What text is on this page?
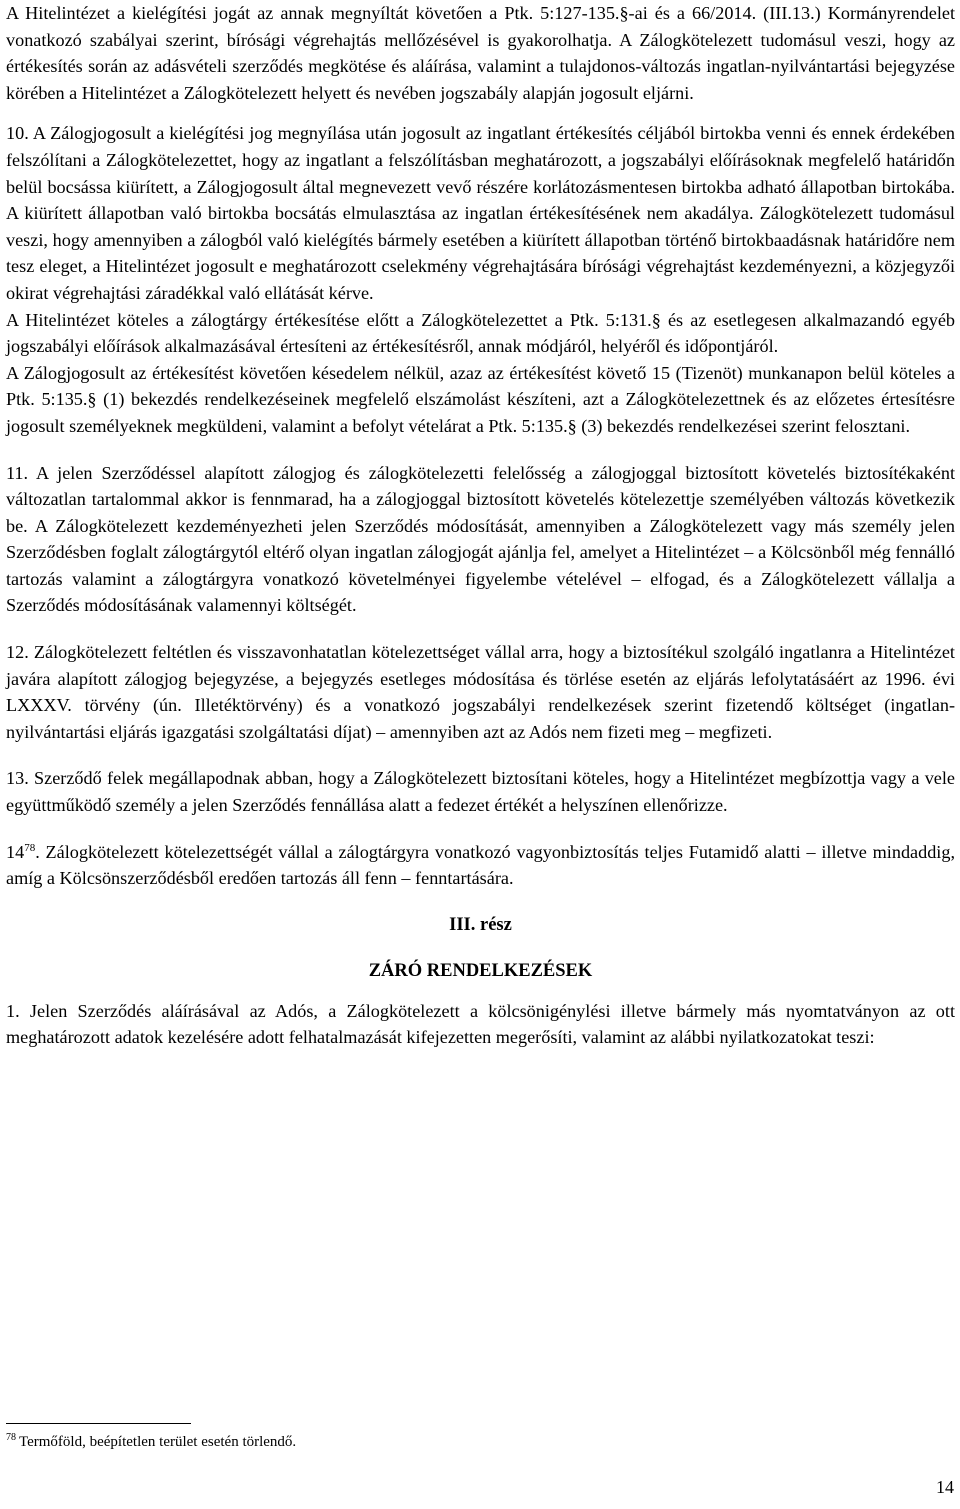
A Hitelintézet a kielégítési jogát az annak megnyíltát követően a Ptk. 5:127-135.§-ai és a 66/2014. (III.13.) Kormányrendelet vonatkozó szabályai szerint, bírósági végrehajtás mellőzésével is gyakorolhatja. A Zálogkötelezett tudomásul veszi, hogy az értékesítés során az adásvételi szerződés megkötése és aláírása, valamint a tulajdonos-változás ingatlan-nyilvántartási bejegyzése körében a Hitelintézet a Zálogkötelezett helyett és nevében jogszabály alapján jogosult eljárni.

10. A Zálogjogosult a kielégítési jog megnyílása után jogosult az ingatlant értékesítés céljából birtokba venni és ennek érdekében felszólítani a Zálogkötelezettet, hogy az ingatlant a felszólításban meghatározott, a jogszabályi előírásoknak megfelelő határidőn belül bocsássa kiürített, a Zálogjogosult által megnevezett vevő részére korlátozásmentesen birtokba adható állapotban birtokába. A kiürített állapotban való birtokba bocsátás elmulasztása az ingatlan értékesítésének nem akadálya. Zálogkötelezett tudomásul veszi, hogy amennyiben a zálogból való kielégítés bármely esetében a kiürített állapotban történő birtokbaadásnak határidőre nem tesz eleget, a Hitelintézet jogosult e meghatározott cselekmény végrehajtására bírósági végrehajtást kezdeményezni, a közjegyzői okirat végrehajtási záradékkal való ellátását kérve.

A Hitelintézet köteles a zálogtárgy értékesítése előtt a Zálogkötelezettet a Ptk. 5:131.§ és az esetlegesen alkalmazandó egyéb jogszabályi előírások alkalmazásával értesíteni az értékesítésről, annak módjáról, helyéről és időpontjáról.

A Zálogjogosult az értékesítést követően késedelem nélkül, azaz az értékesítést követő 15 (Tizenöt) munkanapon belül köteles a Ptk. 5:135.§ (1) bekezdés rendelkezéseinek megfelelő elszámolást készíteni, azt a Zálogkötelezettnek és az előzetes értesítésre jogosult személyeknek megküldeni, valamint a befolyt vételárat a Ptk. 5:135.§ (3) bekezdés rendelkezései szerint felosztani.

11. A jelen Szerződéssel alapított zálogjog és zálogkötelezetti felelősség a zálogjoggal biztosított követelés biztosítékaként változatlan tartalommal akkor is fennmarad, ha a zálogjoggal biztosított követelés kötelezettje személyében változás következik be. A Zálogkötelezett kezdeményezheti jelen Szerződés módosítását, amennyiben a Zálogkötelezett vagy más személy jelen Szerződésben foglalt zálogtárgytól eltérő olyan ingatlan zálogjogát ajánlja fel, amelyet a Hitelintézet – a Kölcsönből még fennálló tartozás valamint a zálogtárgyra vonatkozó követelményei figyelembe vételével – elfogad, és a Zálogkötelezett vállalja a Szerződés módosításának valamennyi költségét.

12. Zálogkötelezett feltétlen és visszavonhatatlan kötelezettséget vállal arra, hogy a biztosítékul szolgáló ingatlanra a Hitelintézet javára alapított zálogjog bejegyzése, a bejegyzés esetleges módosítása és törlése esetén az eljárás lefolytatásáért az 1996. évi LXXXV. törvény (ún. Illetéktörvény) és a vonatkozó jogszabályi rendelkezések szerint fizetendő költséget (ingatlan-nyilvántartási eljárás igazgatási szolgáltatási díjat) – amennyiben azt az Adós nem fizeti meg – megfizeti.

13. Szerződő felek megállapodnak abban, hogy a Zálogkötelezett biztosítani köteles, hogy a Hitelintézet megbízottja vagy a vele együttműködő személy a jelen Szerződés fennállása alatt a fedezet értékét a helyszínen ellenőrizze.

$14^{78}$. Zálogkötelezett kötelezettségét vállal a zálogtárgyra vonatkozó vagyonbiztosítás teljes Futamidő alatti – illetve mindaddig, amíg a Kölcsönszerződésből eredően tartozás áll fenn – fenntartására.

III. rész

ZÁRÓ RENDELKEZÉSEK

1. Jelen Szerződés aláírásával az Adós, a Zálogkötelezett a kölcsönigénylési illetve bármely más nyomtatványon az ott meghatározott adatok kezelésére adott felhatalmazását kifejezetten megerősíti, valamint az alábbi nyilatkozatokat teszi:

$^{78}$ Termőföld, beépítetlen terület esetén törlendő.
14
